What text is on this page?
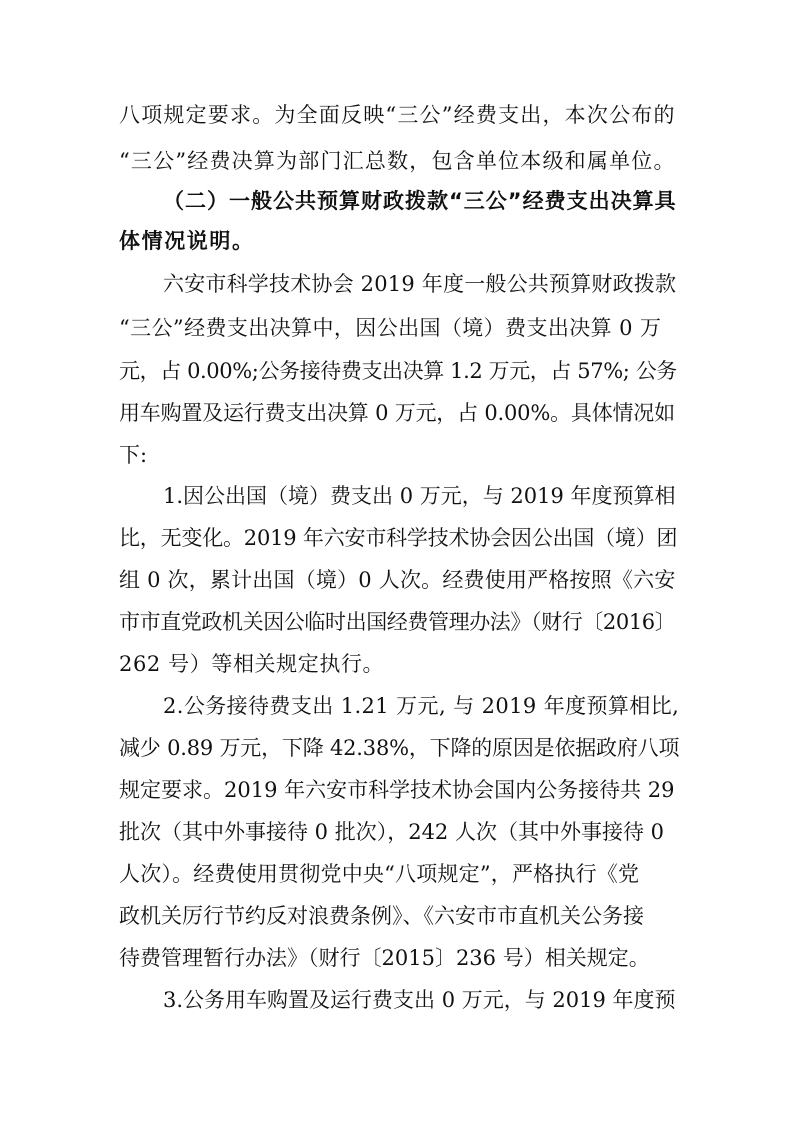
八项规定要求。为全面反映“三公”经费支出，本次公布的
“三公”经费决算为部门汇总数，包含单位本级和属单位。
（二）一般公共预算财政拨款“三公”经费支出决算具
体情况说明。
六安市科学技术协会 2019 年度一般公共预算财政拨款
“三公”经费支出决算中，因公出国（境）费支出决算 0 万
元，占 0.00%;公务接待费支出决算 1.2 万元，占 57%; 公务
用车购置及运行费支出决算 0 万元，占 0.00%。具体情况如
下:
1.因公出国（境）费支出 0 万元，与 2019 年度预算相
比，无变化。2019 年六安市科学技术协会因公出国（境）团
组 0 次，累计出国（境）0 人次。经费使用严格按照《六安
市市直党政机关因公临时出国经费管理办法》（财行〔2016〕
262 号）等相关规定执行。
2.公务接待费支出 1.21 万元, 与 2019 年度预算相比,
减少 0.89 万元，下降 42.38%，下降的原因是依据政府八项
规定要求。2019 年六安市科学技术协会国内公务接待共 29
批次（其中外事接待 0 批次），242 人次（其中外事接待 0
人次）。经费使用贯彻党中央“八项规定”，严格执行《党
政机关厉行节约反对浪费条例》、《六安市市直机关公务接
待费管理暂行办法》（财行〔2015〕236 号）相关规定。
3.公务用车购置及运行费支出 0 万元，与 2019 年度预
